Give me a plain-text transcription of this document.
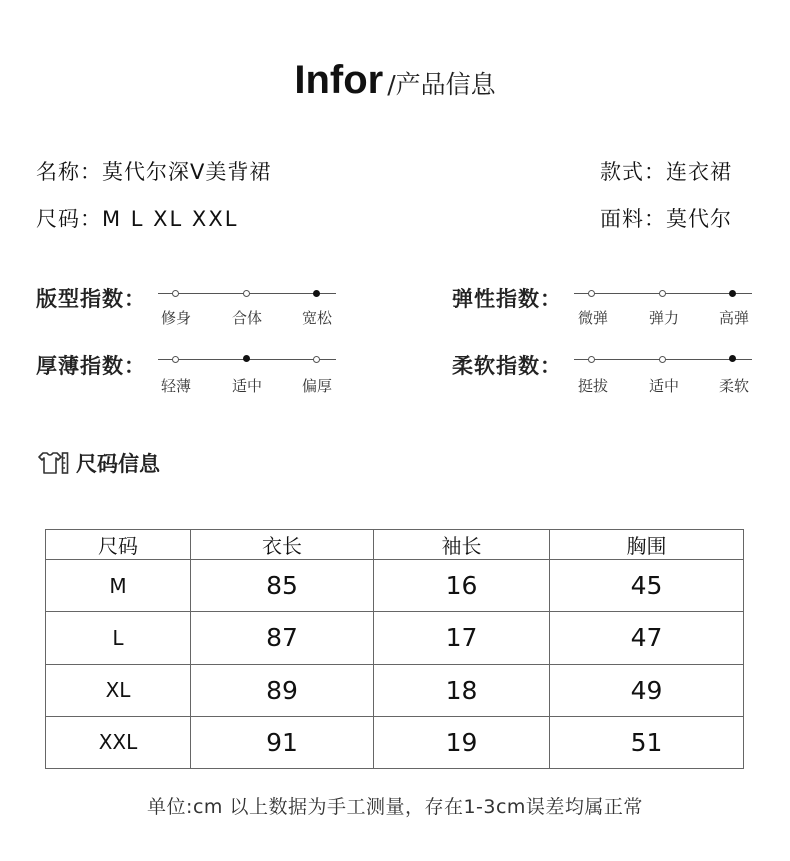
Infor /产品信息
名称：莫代尔深V美背裙	款式：连衣裙
尺码：M L XL XXL	面料：莫代尔
版型指数：
修身	合体	宽松
弹性指数：
微弹	弹力	高弹
厚薄指数：
轻薄	适中	偏厚
柔软指数：
挺拔	适中	柔软
尺码信息
尺码	衣长	袖长	胸围
M	85	16	45
L	87	17	47
XL	89	18	49
XXL	91	19	51
单位:cm 以上数据为手工测量，存在1-3cm误差均属正常
